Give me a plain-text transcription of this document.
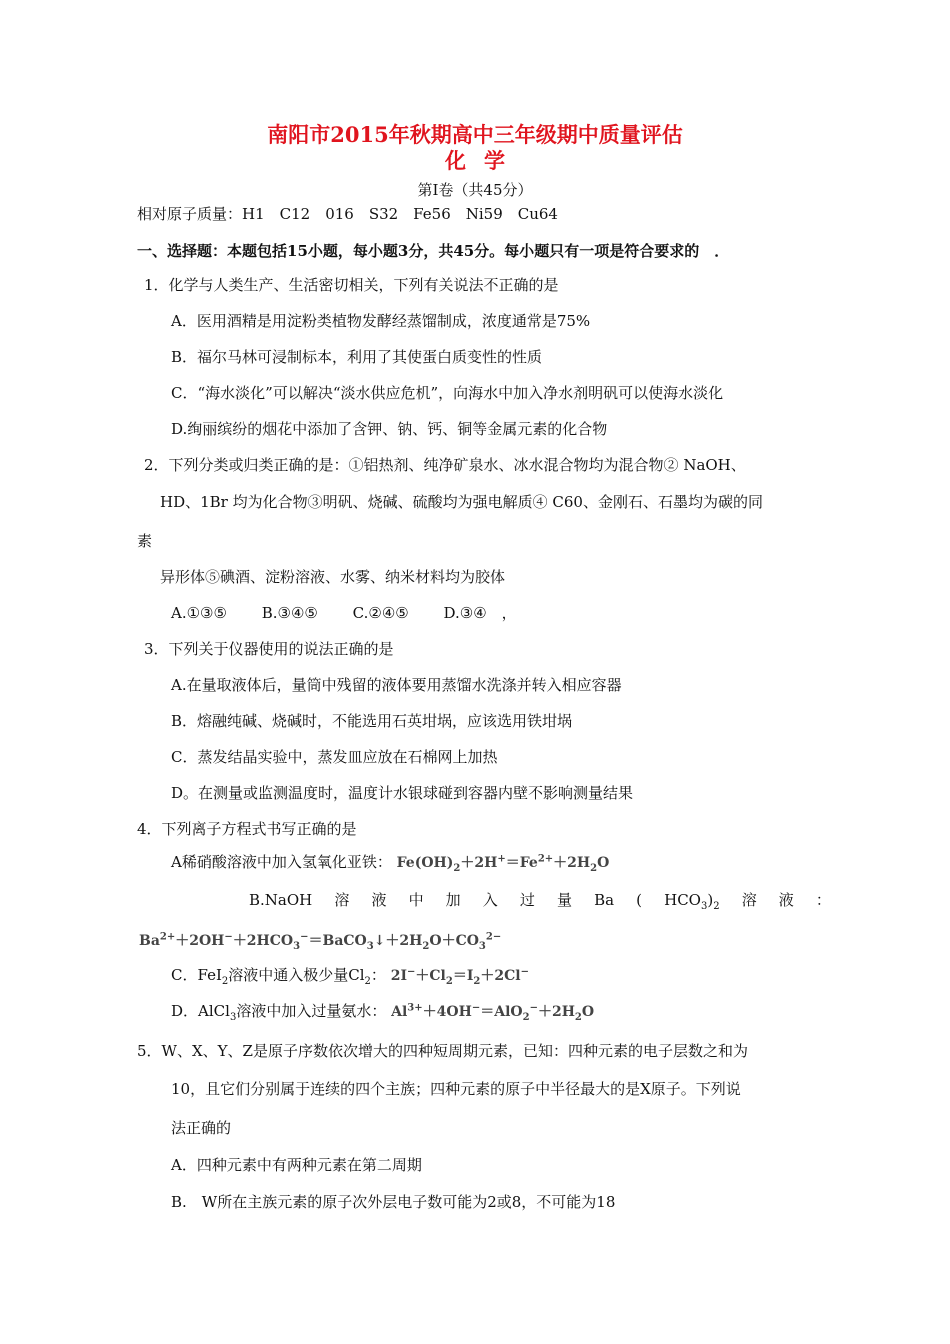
南阳市2015年秋期高中三年级期中质量评估
化学
第Ⅰ卷（共45分）
相对原子质量：H1　C12　016　S32　Fe56　Ni59　Cu64
一、选择题：本题包括15小题，每小题3分，共45分。每小题只有一项是符合要求的　．
1．化学与人类生产、生活密切相关，下列有关说法不正确的是
A．医用酒精是用淀粉类植物发酵经蒸馏制成，浓度通常是75%
B．福尔马林可浸制标本，利用了其使蛋白质变性的性质
C．“海水淡化”可以解决“淡水供应危机”，向海水中加入净水剂明矾可以使海水淡化
D.绚丽缤纷的烟花中添加了含钾、钠、钙、铜等金属元素的化合物
2．下列分类或归类正确的是：①铝热剂、纯净矿泉水、冰水混合物均为混合物② NaOH、
HD、1Br 均为化合物③明矾、烧碱、硫酸均为强电解质④ C60、金刚石、石墨均为碳的同
素
异形体⑤碘酒、淀粉溶液、水雾、纳米材料均为胶体
A.①③⑤ B.③④⑤ C.②④⑤ D.③④　，
3．下列关于仪器使用的说法正确的是
A.在量取液体后，量筒中残留的液体要用蒸馏水洗涤并转入相应容器
B．熔融纯碱、烧碱时，不能选用石英坩埚，应该选用铁坩埚
C．蒸发结晶实验中，蒸发皿应放在石棉网上加热
D。在测量或监测温度时，温度计水银球碰到容器内壁不影响测量结果
4．下列离子方程式书写正确的是
A稀硝酸溶液中加入氢氧化亚铁： $Fe(OH)_2+2H^+=Fe^{2+}+2H_2O$
B.NaOH 溶 液 中 加 入 过 量 Ba ( $HCO_3)_2$ 溶 液 ：
$Ba^{2+}+2OH^-+2HCO_3^-=BaCO_3↓+2H_2O+CO_3^{2-}$
C．FeI$_2$溶液中通入极少量$Cl_2$： $2I^-+Cl_2=I_2+2Cl^-$
D．AlCl$_3$溶液中加入过量氨水： $Al^{3+}+4OH^-=AlO_2^-+2H_2O$
5．W、X、Y、Z是原子序数依次增大的四种短周期元素，已知：四种元素的电子层数之和为
10，且它们分别属于连续的四个主族；四种元素的原子中半径最大的是X原子。下列说
法正确的
A．四种元素中有两种元素在第二周期
B.　W所在主族元素的原子次外层电子数可能为2或8，不可能为18
